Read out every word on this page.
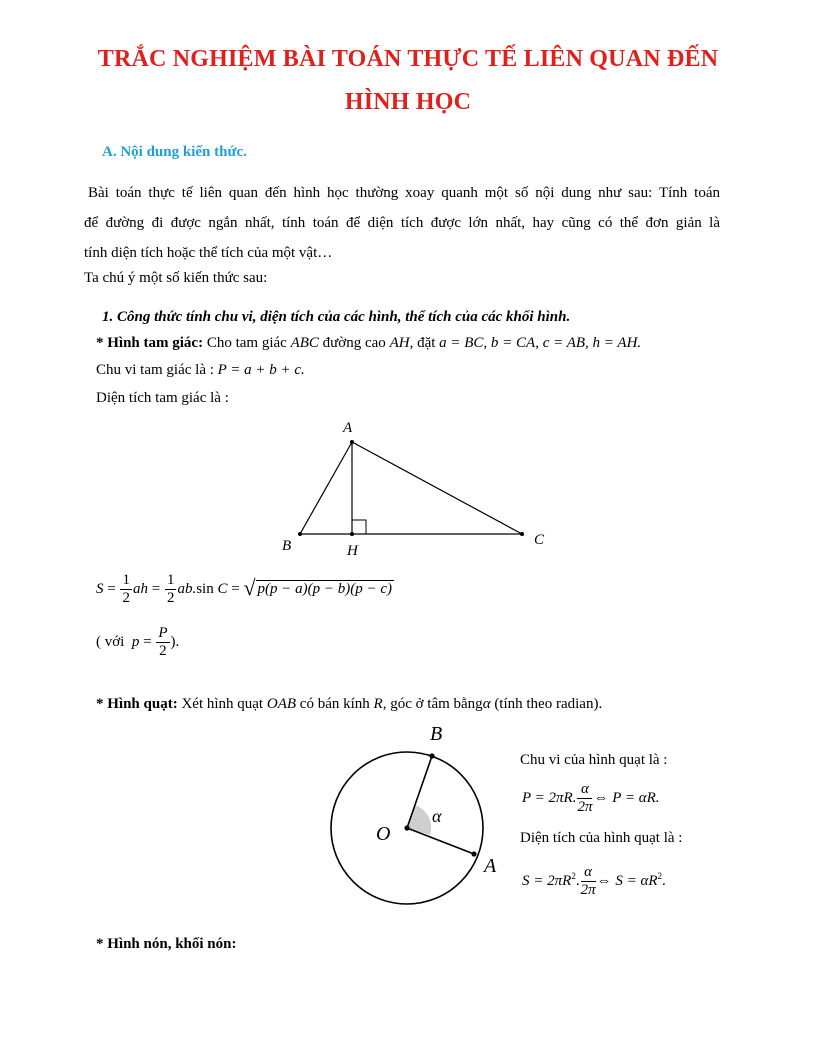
TRẮC NGHIỆM BÀI TOÁN THỰC TẾ LIÊN QUAN ĐẾN
HÌNH HỌC
A. Nội dung kiến thức.
Bài toán thực tế liên quan đến hình học thường xoay quanh một số nội dung như sau: Tính toán
để đường đi được ngắn nhất, tính toán để diện tích được lớn nhất, hay cũng có thể đơn giản là
tính diện tích hoặc thể tích của một vật…
Ta chú ý một số kiến thức sau:
1. Công thức tính chu vi, diện tích của các hình, thể tích của các khối hình.
* Hình tam giác: Cho tam giác ABC đường cao AH, đặt a = BC, b = CA, c = AB, h = AH.
Chu vi tam giác là : P = a + b + c.
Diện tích tam giác là :
A
B	C
H
$S = \frac{1}{2}$ ah = $\frac{1}{2} ab.\sin$ C = √ p(p − a)(p − b)(p − c)
( với $p = \frac{P}{2}$ ).
* Hình quạt: Xét hình quạt OAB có bán kính R, góc ở tâm bằngα (tính theo radian).
B
O
A
α
Chu vi của hình quạt là :
P = 2πR. $\frac{\alpha}{2\pi}$ ⇔ P = αR.
Diện tích của hình quạt là :
$S = 2\pi R^2$. $\frac{\alpha}{2\pi}$ ⇔ $S = \alpha R^2$.
* Hình nón, khối nón:
